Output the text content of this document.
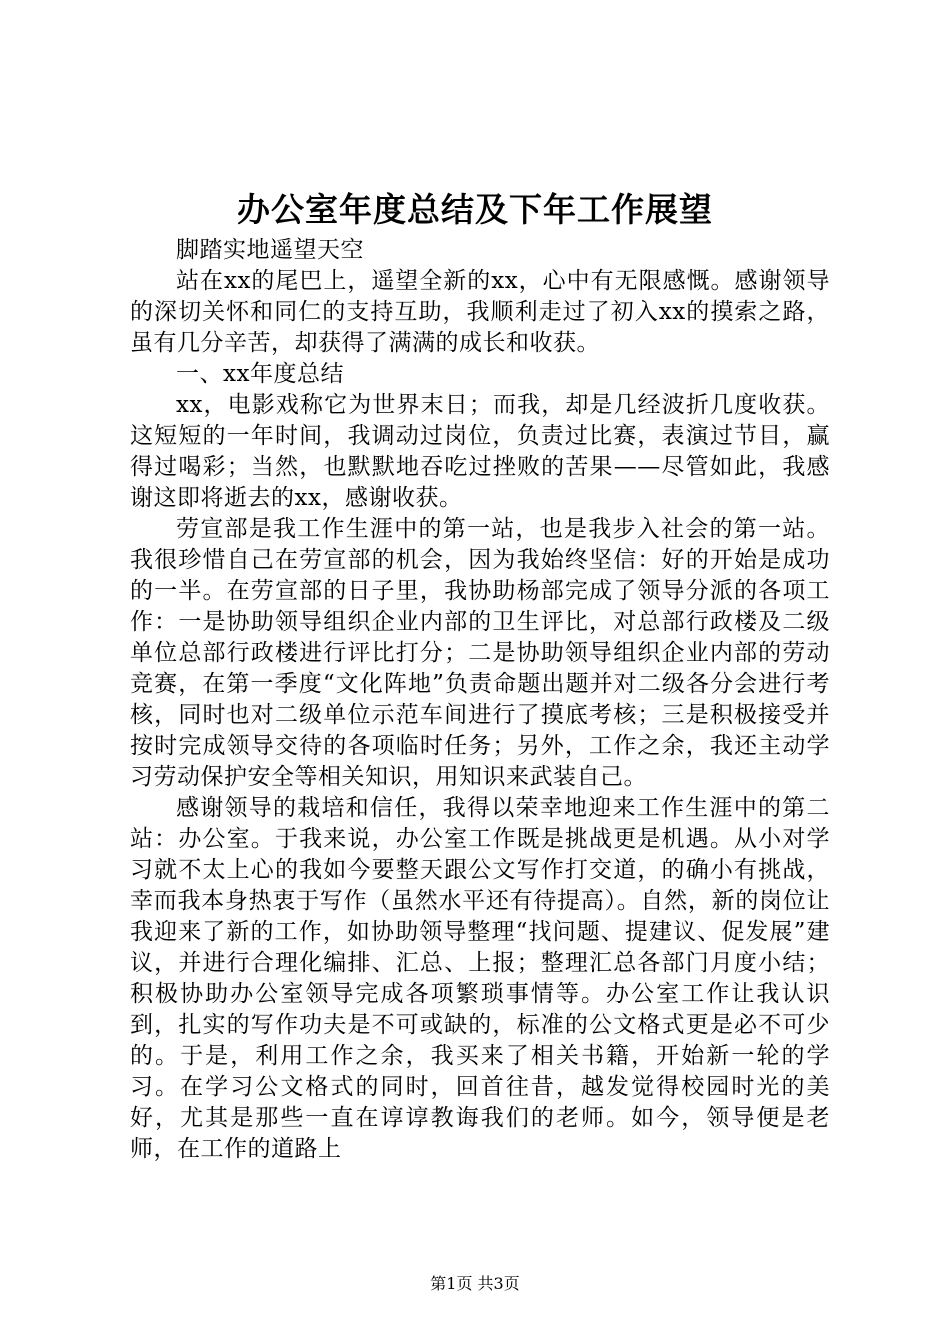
办公室年度总结及下年工作展望

脚踏实地遥望天空

站在xx的尾巴上，遥望全新的xx，心中有无限感慨。感谢领导的深切关怀和同仁的支持互助，我顺利走过了初入xx的摸索之路，虽有几分辛苦，却获得了满满的成长和收获。

一、xx年度总结

xx，电影戏称它为世界末日；而我，却是几经波折几度收获。这短短的一年时间，我调动过岗位，负责过比赛，表演过节目，赢得过喝彩；当然，也默默地吞吃过挫败的苦果——尽管如此，我感谢这即将逝去的xx，感谢收获。

劳宣部是我工作生涯中的第一站，也是我步入社会的第一站。我很珍惜自己在劳宣部的机会，因为我始终坚信：好的开始是成功的一半。在劳宣部的日子里，我协助杨部完成了领导分派的各项工作：一是协助领导组织企业内部的卫生评比，对总部行政楼及二级单位总部行政楼进行评比打分；二是协助领导组织企业内部的劳动竞赛，在第一季度“文化阵地”负责命题出题并对二级各分会进行考核，同时也对二级单位示范车间进行了摸底考核；三是积极接受并按时完成领导交待的各项临时任务；另外，工作之余，我还主动学习劳动保护安全等相关知识，用知识来武装自己。

感谢领导的栽培和信任，我得以荣幸地迎来工作生涯中的第二站：办公室。于我来说，办公室工作既是挑战更是机遇。从小对学习就不太上心的我如今要整天跟公文写作打交道，的确小有挑战，幸而我本身热衷于写作（虽然水平还有待提高）。自然，新的岗位让我迎来了新的工作，如协助领导整理“找问题、提建议、促发展”建议，并进行合理化编排、汇总、上报；整理汇总各部门月度小结；积极协助办公室领导完成各项繁琐事情等。办公室工作让我认识到，扎实的写作功夫是不可或缺的，标准的公文格式更是必不可少的。于是，利用工作之余，我买来了相关书籍，开始新一轮的学习。在学习公文格式的同时，回首往昔，越发觉得校园时光的美好，尤其是那些一直在谆谆教诲我们的老师。如今，领导便是老师，在工作的道路上

第1页 共3页
